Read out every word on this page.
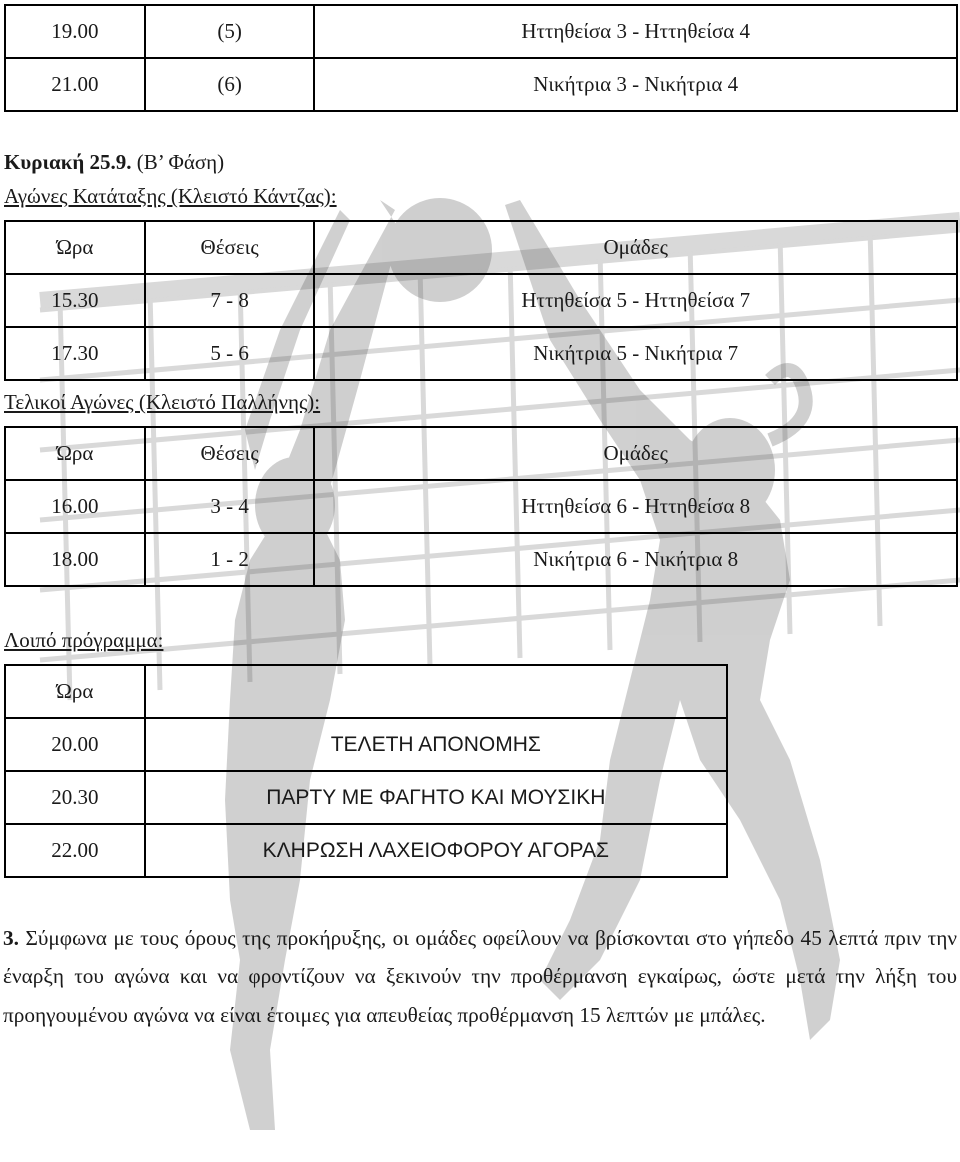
19.00	(5)	Ηττηθείσα 3 - Ηττηθείσα 4
21.00	(6)	Νικήτρια 3 - Νικήτρια 4
Κυριακή 25.9. (Β’ Φάση)
Αγώνες Κατάταξης (Κλειστό Κάντζας):
Ώρα	Θέσεις	Ομάδες
15.30	7 - 8	Ηττηθείσα 5 - Ηττηθείσα 7
17.30	5 - 6	Νικήτρια 5 - Νικήτρια 7
Τελικοί Αγώνες (Κλειστό Παλλήνης):
Ώρα	Θέσεις	Ομάδες
16.00	3 - 4	Ηττηθείσα 6 - Ηττηθείσα 8
18.00	1 - 2	Νικήτρια 6 - Νικήτρια 8
Λοιπό πρόγραμμα:
Ώρα	
20.00	ΤΕΛΕΤΗ ΑΠΟΝΟΜΗΣ
20.30	ΠΑΡΤΥ ΜΕ ΦΑΓΗΤΟ ΚΑΙ ΜΟΥΣΙΚΗ
22.00	ΚΛΗΡΩΣΗ ΛΑΧΕΙΟΦΟΡΟΥ ΑΓΟΡΑΣ

3. Σύμφωνα με τους όρους της προκήρυξης, οι ομάδες οφείλουν να βρίσκονται στο γήπεδο 45 λεπτά πριν την έναρξη του αγώνα και να φροντίζουν να ξεκινούν την προθέρμανση εγκαίρως, ώστε μετά την λήξη του προηγουμένου αγώνα να είναι έτοιμες για απευθείας προθέρμανση 15 λεπτών με μπάλες.
